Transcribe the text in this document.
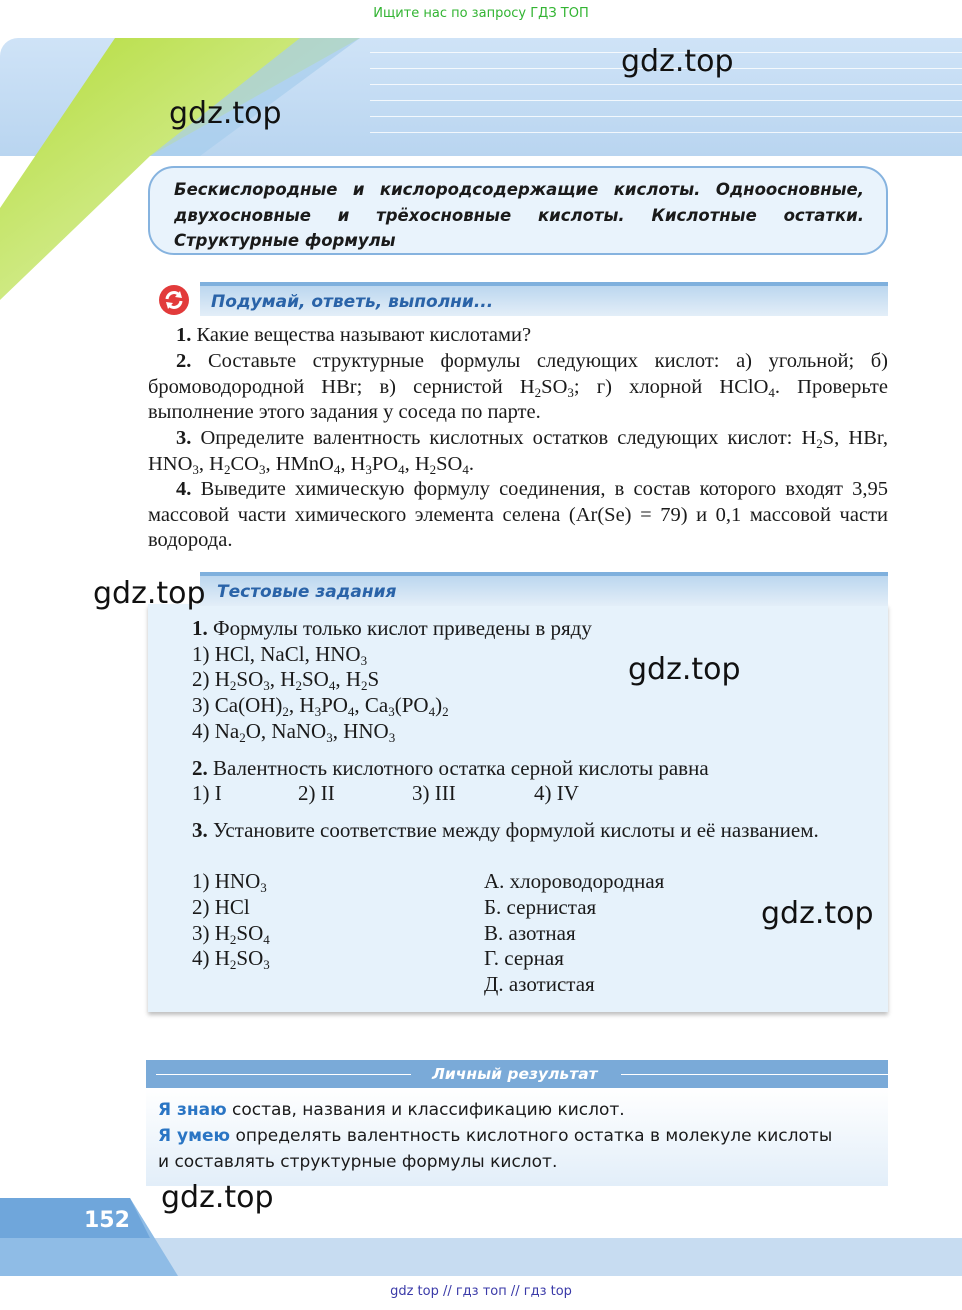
Ищите нас по запросу ГДЗ ТОП
Бескислородные и кислородсодержащие кислоты. Одноосновные, двухосновные и трёхосновные кислоты. Кислотные остатки. Структурные формулы
Подумай, ответь, выполни...
1. Какие вещества называют кислотами?
2. Составьте структурные формулы следующих кислот: а) угольной; б) бромоводородной HBr; в) сернистой $H_2SO_3$; г) хлорной HClO$_4$. Проверьте выполнение этого задания у соседа по парте.
3. Определите валентность кислотных остатков следующих кислот: $H_2S$, HBr, $HNO_3$, $H_2CO_3$, HMnO$_4$, $H_3PO_4$, $H_2SO_4$.
4. Выведите химическую формулу соединения, в состав которого входят 3,95 массовой части химического элемента селена (Ar(Se) = 79) и 0,1 массовой части водорода.
Тестовые задания
1. Формулы только кислот приведены в ряду
1) HCl, NaCl, $HNO_3$
2) $H_2SO_3$, $H_2SO_4$, $H_2S$
3) $Ca(OH)_2$, $H_3PO_4$, $Ca_3(PO_4)_2$
4) $Na_2O$, NaNO$_3$, $HNO_3$
2. Валентность кислотного остатка серной кислоты равна
1) I	2) II	3) III	4) IV
3. Установите соответствие между формулой кислоты и её названием.
1) $HNO_3$
2) HCl
3) $H_2SO_4$
4) $H_2SO_3$
А. хлороводородная
Б. сернистая
В. азотная
Г. серная
Д. азотистая
Личный результат
Я знаю состав, названия и классификацию кислот.
Я умею определять валентность кислотного остатка в молекуле кислоты
и составлять структурные формулы кислот.
152
gdz top // гдз топ // гдз top
gdz.top
gdz.top
gdz.top
gdz.top
gdz.top
gdz.top
